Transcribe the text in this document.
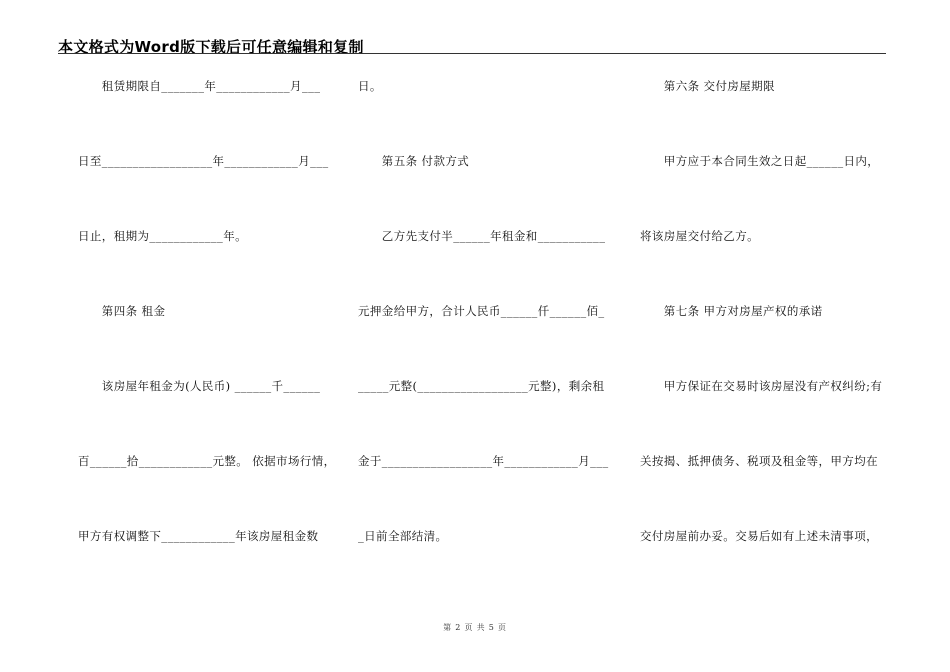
本文格式为Word版下载后可任意编辑和复制
　　租赁期限自_______年____________月___
日至__________________年____________月___
日止，租期为____________年。
　　第四条 租金
　　该房屋年租金为(人民币) ______千______
百______拾____________元整。 依据市场行情，
甲方有权调整下____________年该房屋租金数
日。
　　第五条 付款方式
　　乙方先支付半______年租金和___________
元押金给甲方，合计人民币______仟______佰_
_____元整(__________________元整)，剩余租
金于__________________年____________月___
_日前全部结清。
　　第六条 交付房屋期限
　　甲方应于本合同生效之日起______日内，
将该房屋交付给乙方。
　　第七条 甲方对房屋产权的承诺
　　甲方保证在交易时该房屋没有产权纠纷;有
关按揭、抵押债务、税项及租金等，甲方均在
交付房屋前办妥。交易后如有上述未清事项，
第 2 页 共 5 页
